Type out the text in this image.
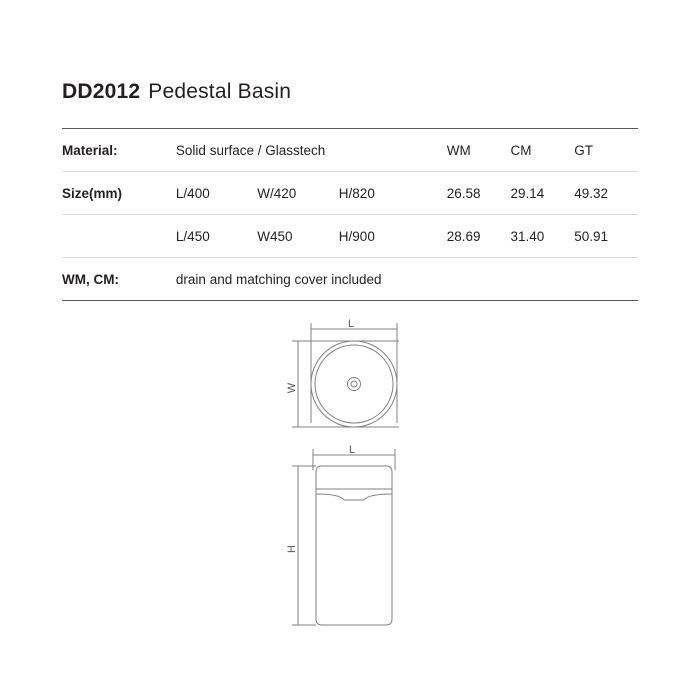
DD2012 Pedestal Basin
Material:	Solid surface / Glasstech			WM	CM	GT
Size(mm)	L/400	W/420	H/820	26.58	29.14	49.32
	L/450	W450	H/900	28.69	31.40	50.91
WM, CM:	drain and matching cover included					
L
W
L
H
